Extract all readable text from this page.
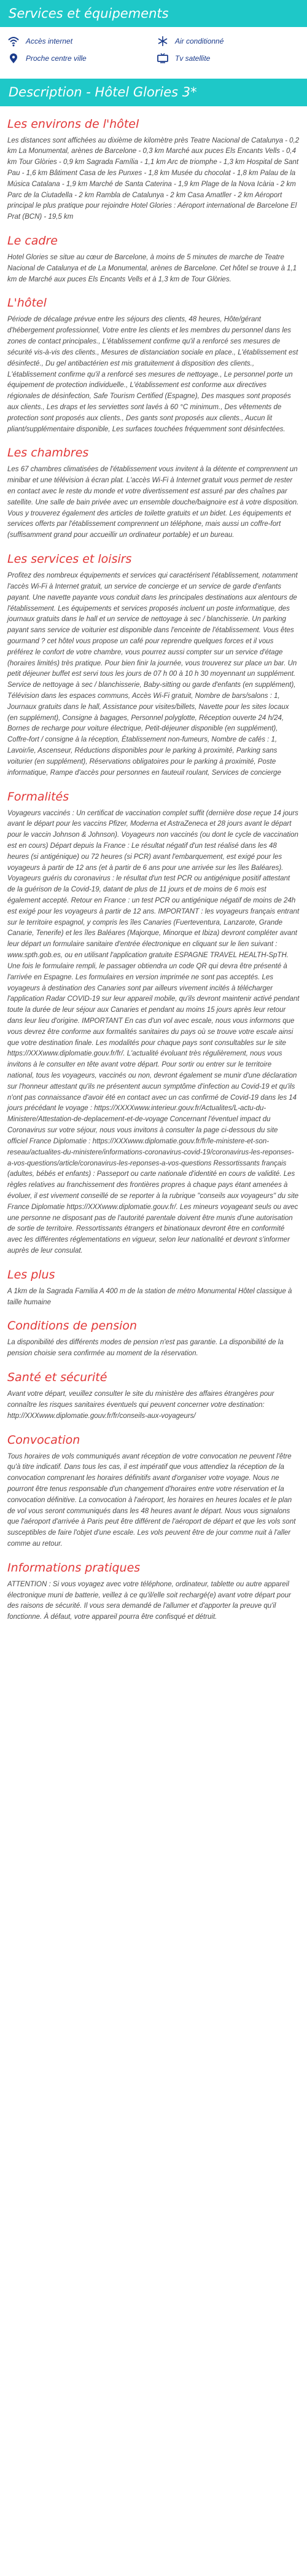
Services et équipements
Accès internet	Air conditionné
Proche centre ville	Tv satellite
Description - Hôtel Glories 3*
Les environs de l'hôtel

Les distances sont affichées au dixième de kilomètre près Teatre Nacional de Catalunya - 0,2 km La Monumental, arènes de Barcelone - 0,3 km Marché aux puces Els Encants Vells - 0,4 km Tour Glòries - 0,9 km Sagrada Família - 1,1 km Arc de triomphe - 1,3 km Hospital de Sant Pau - 1,6 km Bâtiment Casa de les Punxes - 1,8 km Musée du chocolat - 1,8 km Palau de la Música Catalana - 1,9 km Marché de Santa Caterina - 1,9 km Plage de la Nova Icària - 2 km Parc de la Ciutadella - 2 km Rambla de Catalunya - 2 km Casa Amatller - 2 km Aéroport principal le plus pratique pour rejoindre Hotel Glories : Aéroport international de Barcelone El Prat (BCN) - 19,5 km

Le cadre

Hotel Glories se situe au cœur de Barcelone, à moins de 5 minutes de marche de Teatre Nacional de Catalunya et de La Monumental, arènes de Barcelone. Cet hôtel se trouve à 1,1 km de Marché aux puces Els Encants Vells et à 1,3 km de Tour Glòries.

L'hôtel

Période de décalage prévue entre les séjours des clients, 48 heures, Hôte/gérant d'hébergement professionnel, Votre entre les clients et les membres du personnel dans les zones de contact principales., L'établissement confirme qu'il a renforcé ses mesures de sécurité vis-à-vis des clients., Mesures de distanciation sociale en place., L'établissement est désinfecté., Du gel antibactérien est mis gratuitement à disposition des clients., L'établissement confirme qu'il a renforcé ses mesures de nettoyage., Le personnel porte un équipement de protection individuelle., L'établissement est conforme aux directives régionales de désinfection, Safe Tourism Certified (Espagne), Des masques sont proposés aux clients., Les draps et les serviettes sont lavés à 60 °C minimum., Des vêtements de protection sont proposés aux clients., Des gants sont proposés aux clients., Aucun lit pliant/supplémentaire disponible, Les surfaces touchées fréquemment sont désinfectées.

Les chambres

Les 67 chambres climatisées de l'établissement vous invitent à la détente et comprennent un minibar et une télévision à écran plat. L'accès Wi-Fi à Internet gratuit vous permet de rester en contact avec le reste du monde et votre divertissement est assuré par des chaînes par satellite. Une salle de bain privée avec un ensemble douche/baignoire est à votre disposition. Vous y trouverez également des articles de toilette gratuits et un bidet. Les équipements et services offerts par l'établissement comprennent un téléphone, mais aussi un coffre-fort (suffisamment grand pour accueillir un ordinateur portable) et un bureau.

Les services et loisirs

Profitez des nombreux équipements et services qui caractérisent l'établissement, notamment l'accès Wi-Fi à Internet gratuit, un service de concierge et un service de garde d'enfants payant. Une navette payante vous conduit dans les principales destinations aux alentours de l'établissement. Les équipements et services proposés incluent un poste informatique, des journaux gratuits dans le hall et un service de nettoyage à sec / blanchisserie. Un parking payant sans service de voiturier est disponible dans l'enceinte de l'établissement. Vous êtes gourmand ? cet hôtel vous propose un café pour reprendre quelques forces et il vous préférez le confort de votre chambre, vous pourrez aussi compter sur un service d'étage (horaires limités) très pratique. Pour bien finir la journée, vous trouverez sur place un bar. Un petit déjeuner buffet est servi tous les jours de 07 h 00 à 10 h 30 moyennant un supplément. Service de nettoyage à sec / blanchisserie, Baby-sitting ou garde d'enfants (en supplément), Télévision dans les espaces communs, Accès Wi-Fi gratuit, Nombre de bars/salons : 1, Journaux gratuits dans le hall, Assistance pour visites/billets, Navette pour les sites locaux (en supplément), Consigne à bagages, Personnel polyglotte, Réception ouverte 24 h/24, Bornes de recharge pour voiture électrique, Petit-déjeuner disponible (en supplément), Coffre-fort / consigne à la réception, Établissement non-fumeurs, Nombre de cafés : 1, Lavoir/ie, Ascenseur, Réductions disponibles pour le parking à proximité, Parking sans voiturier (en supplément), Réservations obligatoires pour le parking à proximité, Poste informatique, Rampe d'accès pour personnes en fauteuil roulant, Services de concierge

Formalités

Voyageurs vaccinés : Un certificat de vaccination complet suffit (dernière dose reçue 14 jours avant le départ pour les vaccins Pfizer, Moderna et AstraZeneca et 28 jours avant le départ pour le vaccin Johnson & Johnson). Voyageurs non vaccinés (ou dont le cycle de vaccination est en cours) Départ depuis la France : Le résultat négatif d'un test réalisé dans les 48 heures (si antigénique) ou 72 heures (si PCR) avant l'embarquement, est exigé pour les voyageurs à partir de 12 ans (et à partir de 6 ans pour une arrivée sur les îles Baléares). Voyageurs guéris du coronavirus : le résultat d'un test PCR ou antigénique positif attestant de la guérison de la Covid-19, datant de plus de 11 jours et de moins de 6 mois est également accepté. Retour en France : un test PCR ou antigénique négatif de moins de 24h est exigé pour les voyageurs à partir de 12 ans. IMPORTANT : les voyageurs français entrant sur le territoire espagnol, y compris les îles Canaries (Fuerteventura, Lanzarote, Grande Canarie, Tenerife) et les îles Baléares (Majorque, Minorque et Ibiza) devront compléter avant leur départ un formulaire sanitaire d'entrée électronique en cliquant sur le lien suivant : www.spth.gob.es, ou en utilisant l'application gratuite ESPAGNE TRAVEL HEALTH-SpTH. Une fois le formulaire rempli, le passager obtiendra un code QR qui devra être présenté à l'arrivée en Espagne. Les formulaires en version imprimée ne sont pas acceptés. Les voyageurs à destination des Canaries sont par ailleurs vivement incités à télécharger l'application Radar COVID-19 sur leur appareil mobile, qu'ils devront maintenir activé pendant toute la durée de leur séjour aux Canaries et pendant au moins 15 jours après leur retour dans leur lieu d'origine. IMPORTANT En cas d'un vol avec escale, nous vous informons que vous devrez être conforme aux formalités sanitaires du pays où se trouve votre escale ainsi que votre destination finale. Les modalités pour chaque pays sont consultables sur le site https://XXXwww.diplomatie.gouv.fr/fr/. L'actualité évoluant très régulièrement, nous vous invitons à le consulter en tête avant votre départ. Pour sortir ou entrer sur le territoire national, tous les voyageurs, vaccinés ou non, devront également se munir d'une déclaration sur l'honneur attestant qu'ils ne présentent aucun symptôme d'infection au Covid-19 et qu'ils n'ont pas connaissance d'avoir été en contact avec un cas confirmé de Covid-19 dans les 14 jours précédant le voyage : https://XXXXwww.interieur.gouv.fr/Actualites/L-actu-du-Ministere/Attestation-de-deplacement-et-de-voyage Concernant l'éventuel impact du Coronavirus sur votre séjour, nous vous invitons à consulter la page ci-dessous du site officiel France Diplomatie : https://XXXwww.diplomatie.gouv.fr/fr/le-ministere-et-son-reseau/actualites-du-ministere/informations-coronavirus-covid-19/coronavirus-les-reponses-a-vos-questions/article/coronavirus-les-reponses-a-vos-questions Ressortissants français (adultes, bébés et enfants) : Passeport ou carte nationale d'identité en cours de validité. Les règles relatives au franchissement des frontières propres à chaque pays étant amenées à évoluer, il est vivement conseillé de se reporter à la rubrique "conseils aux voyageurs" du site France Diplomatie https://XXXwww.diplomatie.gouv.fr/. Les mineurs voyageant seuls ou avec une personne ne disposant pas de l'autorité parentale doivent être munis d'une autorisation de sortie de territoire. Ressortissants étrangers et binationaux devront être en conformité avec les différentes réglementations en vigueur, selon leur nationalité et devront s'informer auprès de leur consulat.

Les plus

A 1km de la Sagrada Familia A 400 m de la station de métro Monumental Hôtel classique à taille humaine

Conditions de pension

La disponibilité des différents modes de pension n'est pas garantie. La disponibilité de la pension choisie sera confirmée au moment de la réservation.

Santé et sécurité

Avant votre départ, veuillez consulter le site du ministère des affaires étrangères pour connaître les risques sanitaires éventuels qui peuvent concerner votre destination: http://XXXwww.diplomatie.gouv.fr/fr/conseils-aux-voyageurs/

Convocation

Tous horaires de vols communiqués avant réception de votre convocation ne peuvent l'être qu'à titre indicatif. Dans tous les cas, il est impératif que vous attendiez la réception de la convocation comprenant les horaires définitifs avant d'organiser votre voyage. Nous ne pourront être tenus responsable d'un changement d'horaires entre votre réservation et la convocation définitive. La convocation à l'aéroport, les horaires en heures locales et le plan de vol vous seront communiqués dans les 48 heures avant le départ. Nous vous signalons que l'aéroport d'arrivée à Paris peut être différent de l'aéroport de départ et que les vols sont susceptibles de faire l'objet d'une escale. Les vols peuvent être de jour comme nuit à l'aller comme au retour.

Informations pratiques

ATTENTION : Si vous voyagez avec votre téléphone, ordinateur, tablette ou autre appareil électronique muni de batterie, veillez à ce qu'il/elle soit rechargé(e) avant votre départ pour des raisons de sécurité. Il vous sera demandé de l'allumer et d'apporter la preuve qu'il fonctionne. À défaut, votre appareil pourra être confisqué et détruit.
